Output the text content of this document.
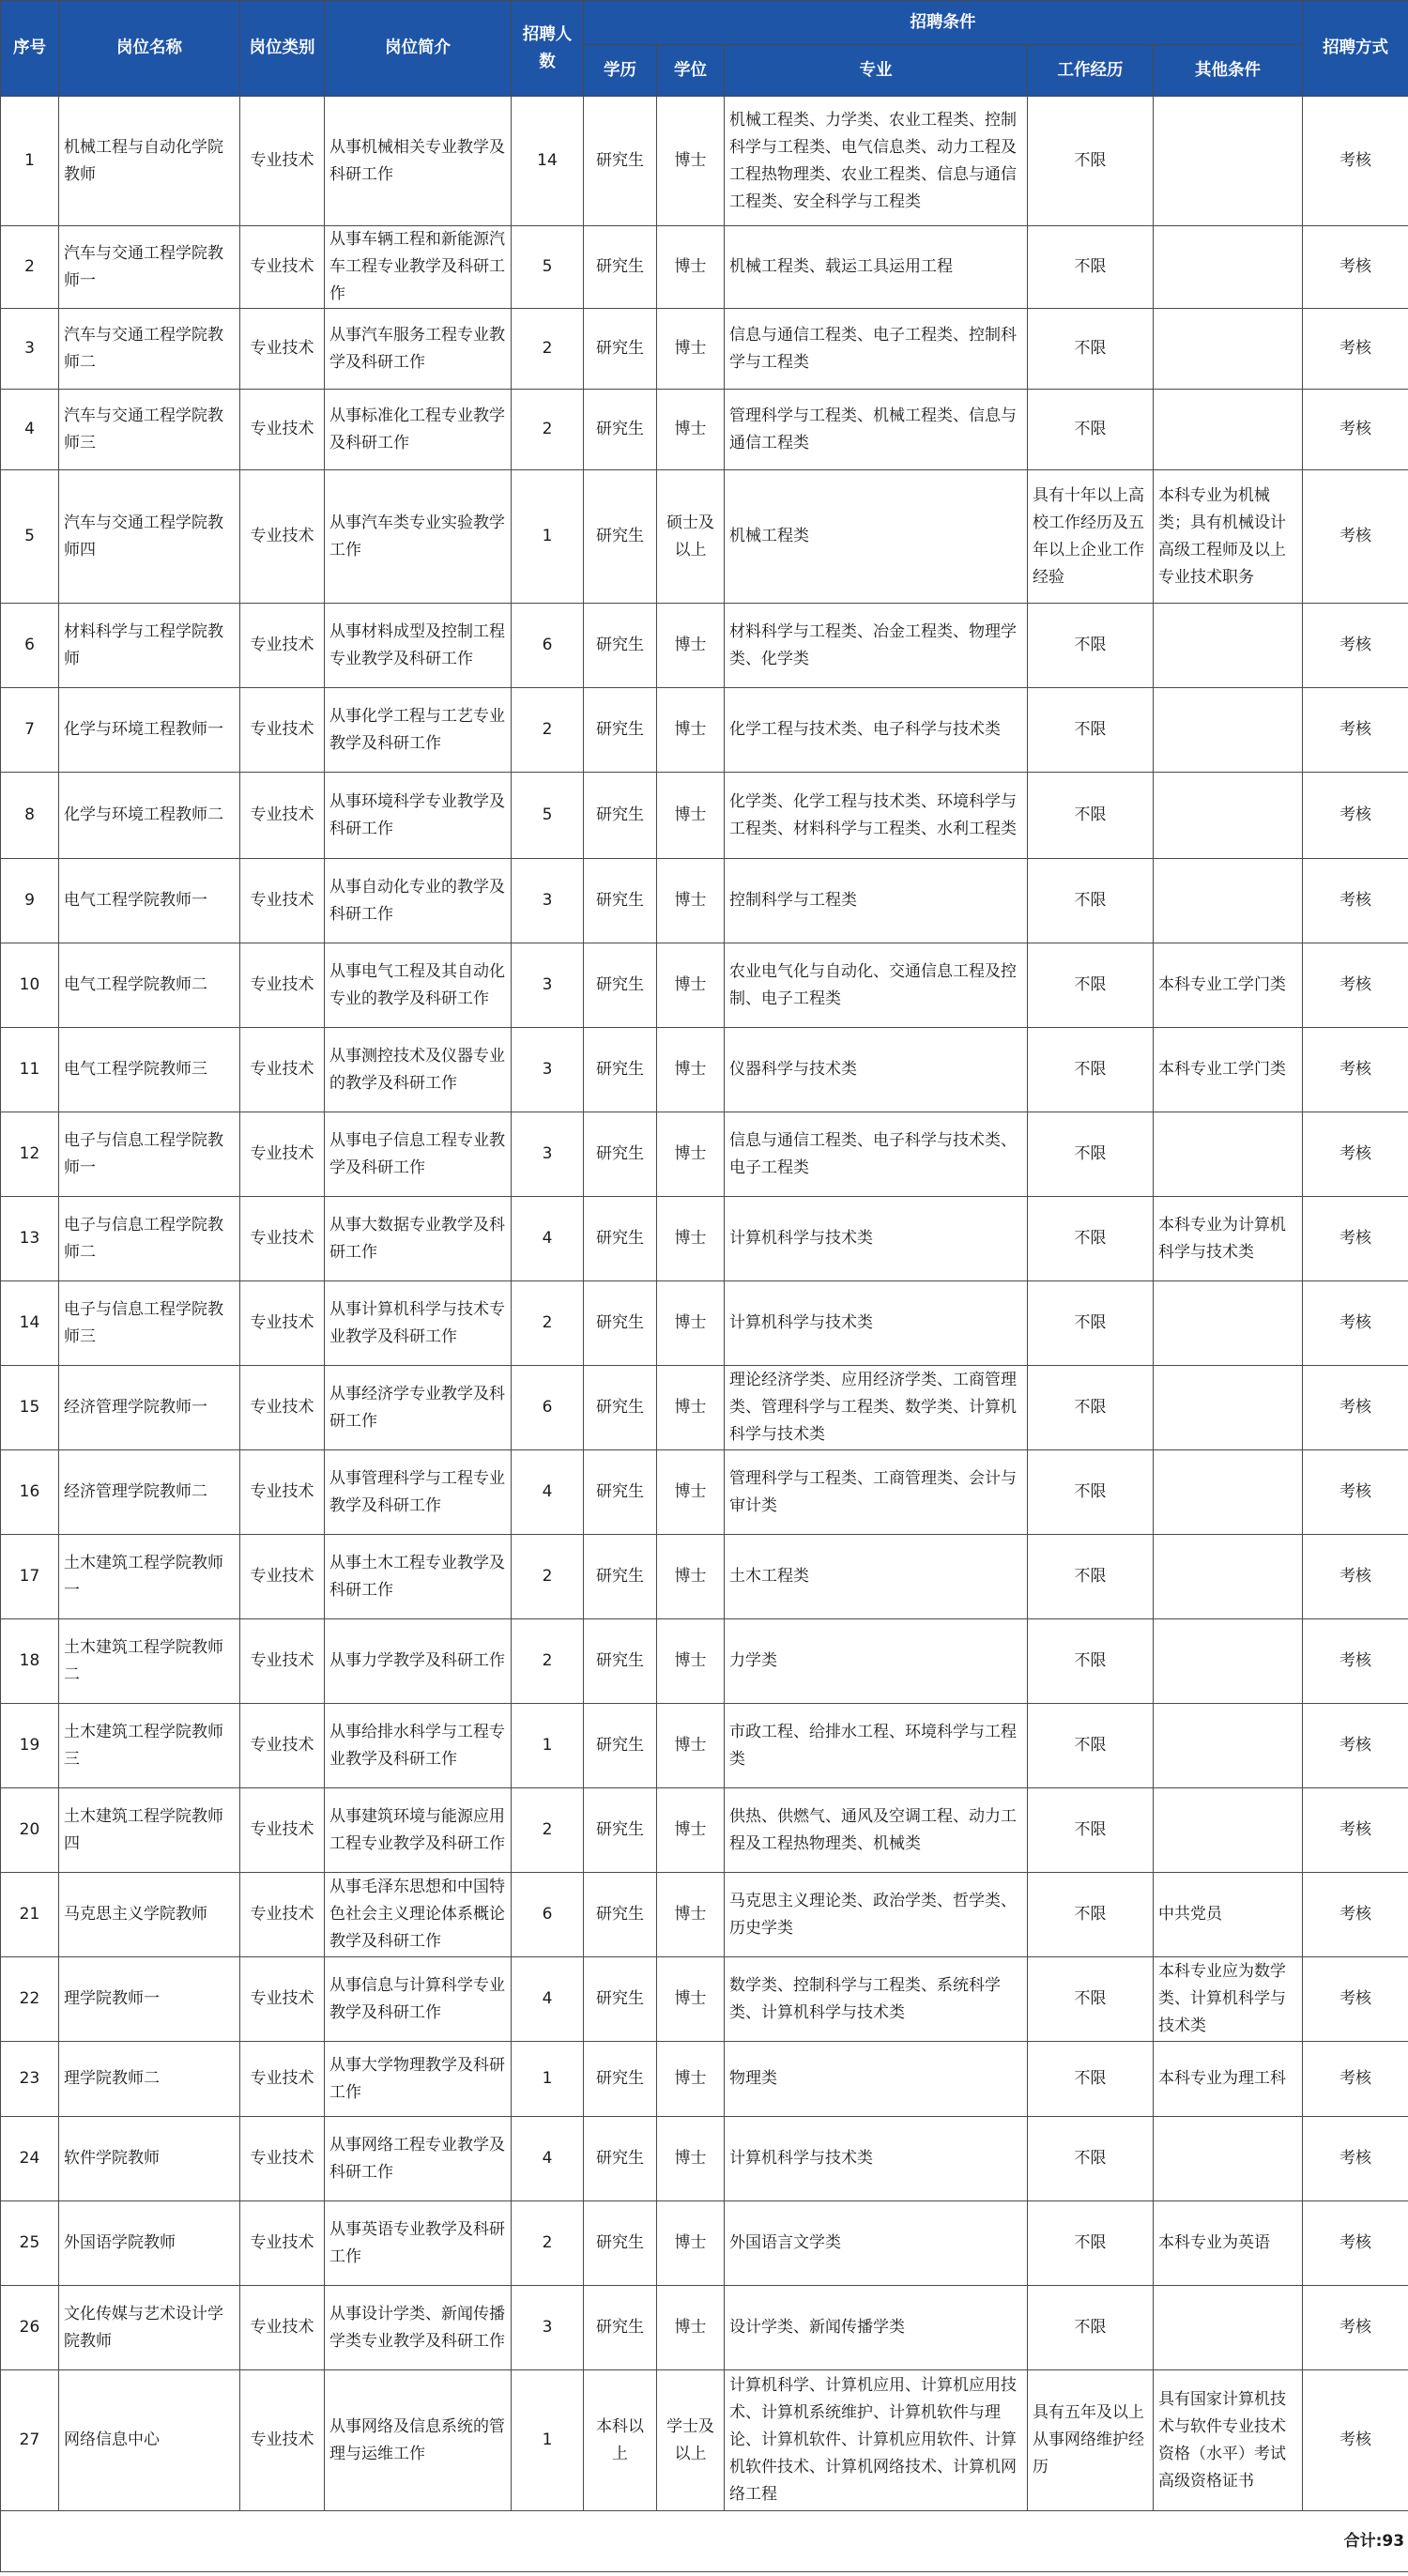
序号	岗位名称	岗位类别	岗位简介	招聘人数	招聘条件					招聘方式
					学历	学位	专业	工作经历	其他条件	
1	机械工程与自动化学院教师	专业技术	从事机械相关专业教学及科研工作	14	研究生	博士	机械工程类、力学类、农业工程类、控制科学与工程类、电气信息类、动力工程及工程热物理类、农业工程类、信息与通信工程类、安全科学与工程类	不限		考核
2	汽车与交通工程学院教师一	专业技术	从事车辆工程和新能源汽车工程专业教学及科研工作	5	研究生	博士	机械工程类、载运工具运用工程	不限		考核
3	汽车与交通工程学院教师二	专业技术	从事汽车服务工程专业教学及科研工作	2	研究生	博士	信息与通信工程类、电子工程类、控制科学与工程类	不限		考核
4	汽车与交通工程学院教师三	专业技术	从事标准化工程专业教学及科研工作	2	研究生	博士	管理科学与工程类、机械工程类、信息与通信工程类	不限		考核
5	汽车与交通工程学院教师四	专业技术	从事汽车类专业实验教学工作	1	研究生	硕士及以上	机械工程类	具有十年以上高校工作经历及五年以上企业工作经验	本科专业为机械类；具有机械设计高级工程师及以上专业技术职务	考核
6	材料科学与工程学院教师	专业技术	从事材料成型及控制工程专业教学及科研工作	6	研究生	博士	材料科学与工程类、冶金工程类、物理学类、化学类	不限		考核
7	化学与环境工程教师一	专业技术	从事化学工程与工艺专业教学及科研工作	2	研究生	博士	化学工程与技术类、电子科学与技术类	不限		考核
8	化学与环境工程教师二	专业技术	从事环境科学专业教学及科研工作	5	研究生	博士	化学类、化学工程与技术类、环境科学与工程类、材料科学与工程类、水利工程类	不限		考核
9	电气工程学院教师一	专业技术	从事自动化专业的教学及科研工作	3	研究生	博士	控制科学与工程类	不限		考核
10	电气工程学院教师二	专业技术	从事电气工程及其自动化专业的教学及科研工作	3	研究生	博士	农业电气化与自动化、交通信息工程及控制、电子工程类	不限	本科专业工学门类	考核
11	电气工程学院教师三	专业技术	从事测控技术及仪器专业的教学及科研工作	3	研究生	博士	仪器科学与技术类	不限	本科专业工学门类	考核
12	电子与信息工程学院教师一	专业技术	从事电子信息工程专业教学及科研工作	3	研究生	博士	信息与通信工程类、电子科学与技术类、电子工程类	不限		考核
13	电子与信息工程学院教师二	专业技术	从事大数据专业教学及科研工作	4	研究生	博士	计算机科学与技术类	不限	本科专业为计算机科学与技术类	考核
14	电子与信息工程学院教师三	专业技术	从事计算机科学与技术专业教学及科研工作	2	研究生	博士	计算机科学与技术类	不限		考核
15	经济管理学院教师一	专业技术	从事经济学专业教学及科研工作	6	研究生	博士	理论经济学类、应用经济学类、工商管理类、管理科学与工程类、数学类、计算机科学与技术类	不限		考核
16	经济管理学院教师二	专业技术	从事管理科学与工程专业教学及科研工作	4	研究生	博士	管理科学与工程类、工商管理类、会计与审计类	不限		考核
17	土木建筑工程学院教师一	专业技术	从事土木工程专业教学及科研工作	2	研究生	博士	土木工程类	不限		考核
18	土木建筑工程学院教师二	专业技术	从事力学教学及科研工作	2	研究生	博士	力学类	不限		考核
19	土木建筑工程学院教师三	专业技术	从事给排水科学与工程专业教学及科研工作	1	研究生	博士	市政工程、给排水工程、环境科学与工程类	不限		考核
20	土木建筑工程学院教师四	专业技术	从事建筑环境与能源应用工程专业教学及科研工作	2	研究生	博士	供热、供燃气、通风及空调工程、动力工程及工程热物理类、机械类	不限		考核
21	马克思主义学院教师	专业技术	从事毛泽东思想和中国特色社会主义理论体系概论教学及科研工作	6	研究生	博士	马克思主义理论类、政治学类、哲学类、历史学类	不限	中共党员	考核
22	理学院教师一	专业技术	从事信息与计算科学专业教学及科研工作	4	研究生	博士	数学类、控制科学与工程类、系统科学类、计算机科学与技术类	不限	本科专业应为数学类、计算机科学与技术类	考核
23	理学院教师二	专业技术	从事大学物理教学及科研工作	1	研究生	博士	物理类	不限	本科专业为理工科	考核
24	软件学院教师	专业技术	从事网络工程专业教学及科研工作	4	研究生	博士	计算机科学与技术类	不限		考核
25	外国语学院教师	专业技术	从事英语专业教学及科研工作	2	研究生	博士	外国语言文学类	不限	本科专业为英语	考核
26	文化传媒与艺术设计学院教师	专业技术	从事设计学类、新闻传播学类专业教学及科研工作	3	研究生	博士	设计学类、新闻传播学类	不限		考核
27	网络信息中心	专业技术	从事网络及信息系统的管理与运维工作	1	本科以上	学士及以上	计算机科学、计算机应用、计算机应用技术、计算机系统维护、计算机软件与理论、计算机软件、计算机应用软件、计算机软件技术、计算机网络技术、计算机网络工程	具有五年及以上从事网络维护经历	具有国家计算机技术与软件专业技术资格（水平）考试高级资格证书	考核
合计:93										
